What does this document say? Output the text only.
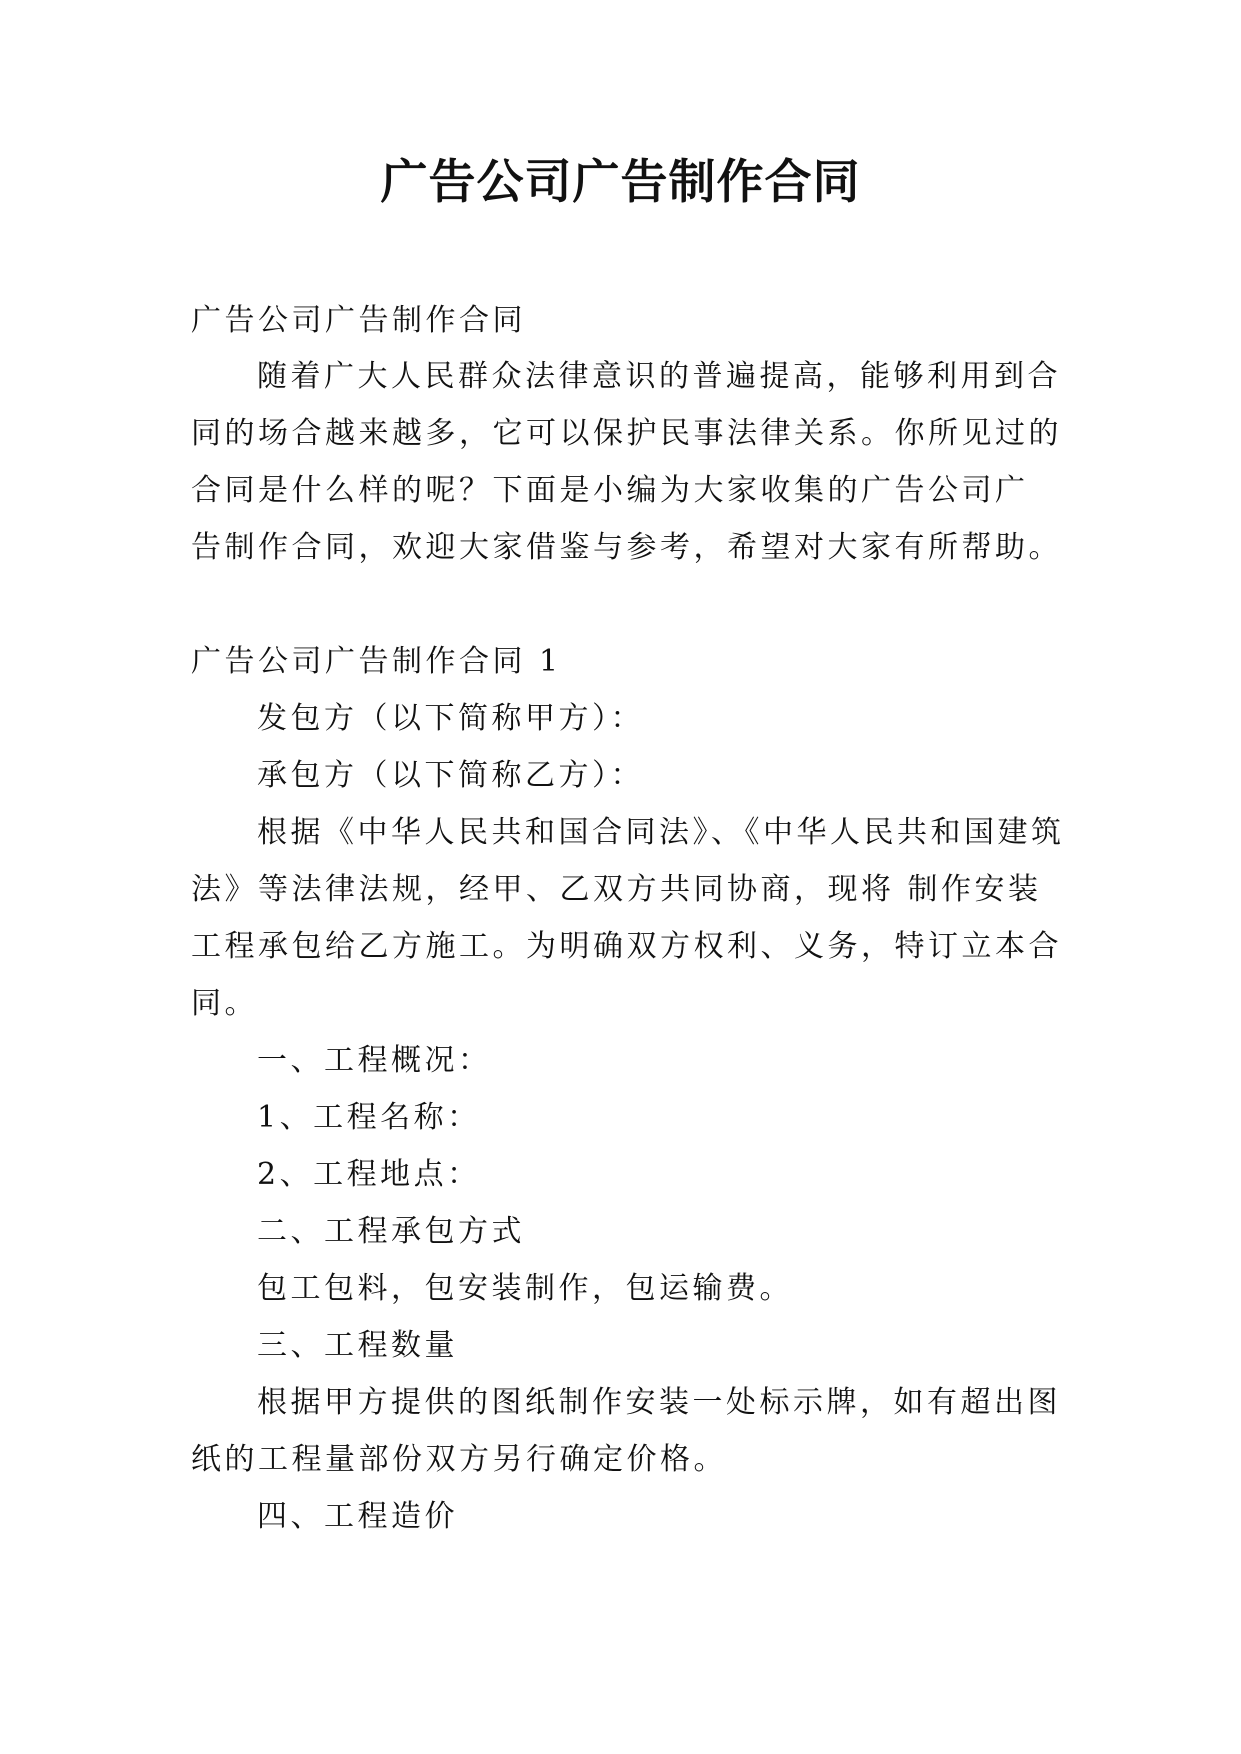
广告公司广告制作合同

广告公司广告制作合同

随着广大人民群众法律意识的普遍提高，能够利用到合

同的场合越来越多，它可以保护民事法律关系。你所见过的

合同是什么样的呢？下面是小编为大家收集的广告公司广

告制作合同，欢迎大家借鉴与参考，希望对大家有所帮助。

广告公司广告制作合同 1

发包方（以下简称甲方）：

承包方（以下简称乙方）：

根据《中华人民共和国合同法》、《中华人民共和国建筑

法》等法律法规，经甲、乙双方共同协商，现将 制作安装

工程承包给乙方施工。为明确双方权利、义务，特订立本合

同。

一、工程概况：

1、工程名称：

2、工程地点：

二、工程承包方式

包工包料，包安装制作，包运输费。

三、工程数量

根据甲方提供的图纸制作安装一处标示牌，如有超出图

纸的工程量部份双方另行确定价格。

四、工程造价
